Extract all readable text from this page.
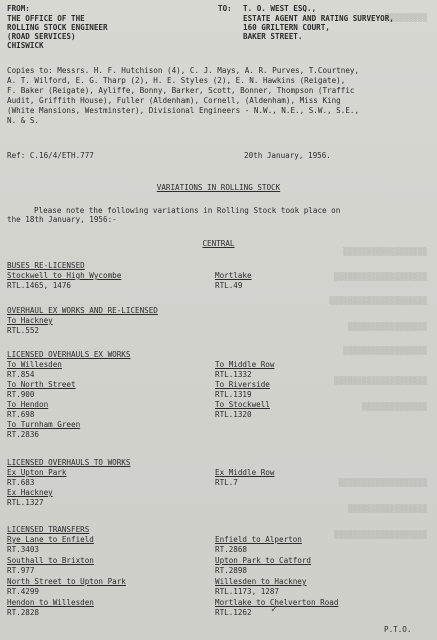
▒▒▒▒▒▒▒▒▒
▒▒▒▒▒▒▒▒▒▒▒▒▒▒▒▒▒▒
▒▒▒▒▒▒▒▒▒▒▒▒▒▒▒▒▒▒▒▒
▒▒▒▒▒▒▒▒▒▒▒▒▒▒▒▒▒▒▒▒▒
▒▒▒▒▒▒▒▒▒▒▒▒▒▒▒▒▒
▒▒▒▒▒▒▒▒▒▒▒▒▒▒▒▒▒▒
▒▒▒▒▒▒▒▒▒▒▒▒▒▒▒▒▒▒▒▒
▒▒▒▒▒▒▒▒▒▒▒▒▒▒
▒▒▒▒▒▒▒▒▒▒▒▒▒▒▒▒▒▒▒
▒▒▒▒▒▒▒▒▒▒▒▒▒▒▒▒▒
▒▒▒▒▒▒▒▒▒▒▒▒▒▒▒▒▒▒▒▒
FROM:
THE OFFICE OF THE
ROLLING STOCK ENGINEER
(ROAD SERVICES)
CHISWICK
TO: T. O. WEST ESQ.,
ESTATE AGENT AND RATING SURVEYOR,
160 GRILTERN COURT,
BAKER STREET.
Copies to: Messrs. H. F. Hutchison (4), C. J. Mays, A. R. Purves, T.Courtney,
A. T. Wilford, E. G. Tharp (2), H. E. Styles (2), E. N. Hawkins (Reigate),
F. Baker (Reigate), Ayliffe, Bonny, Barker, Scott, Bonner, Thompson (Traffic
Audit, Griffith House), Fuller (Aldenham), Cornell, (Aldenham), Miss King
(White Mansions, Westminster), Divisional Engineers - N.W., N.E., S.W., S.E.,
N. & S.
Ref: C.16/4/ETH.777	20th January, 1956.
VARIATIONS IN ROLLING STOCK
Please note the following variations in Rolling Stock took place on
the 18th January, 1956:-
CENTRAL
BUSES RE-LICENSED
Stockwell to High Wycombe
RTL.1465, 1476
Mortlake
RTL.49
OVERHAUL EX WORKS AND RE-LICENSED
To Hackney
RTL.552
LICENSED OVERHAULS EX WORKS
To Willesden
RT.854
To North Street
RT.900
To Hendon
RT.698
To Turnham Green
RT.2836
To Middle Row
RTL.1332
To Riverside
RTL.1319
To Stockwell
RTL.1320
LICENSED OVERHAULS TO WORKS
Ex Upton Park
RT.683
Ex Hackney
RTL.1327
Ex Middle Row
RTL.7
LICENSED TRANSFERS
Rye Lane to Enfield
RT.3403
Southall to Brixton
RT.977
North Street to Upton Park
RT.4299
Hendon to Willesden
RT.2828
Enfield to Alperton
RT.2868
Upton Park to Catford
RT.2898
Willesden to Hackney
RTL.1173, 1287
Mortlake to Chelverton Road
RTL.1262 ✓
P.T.O.
